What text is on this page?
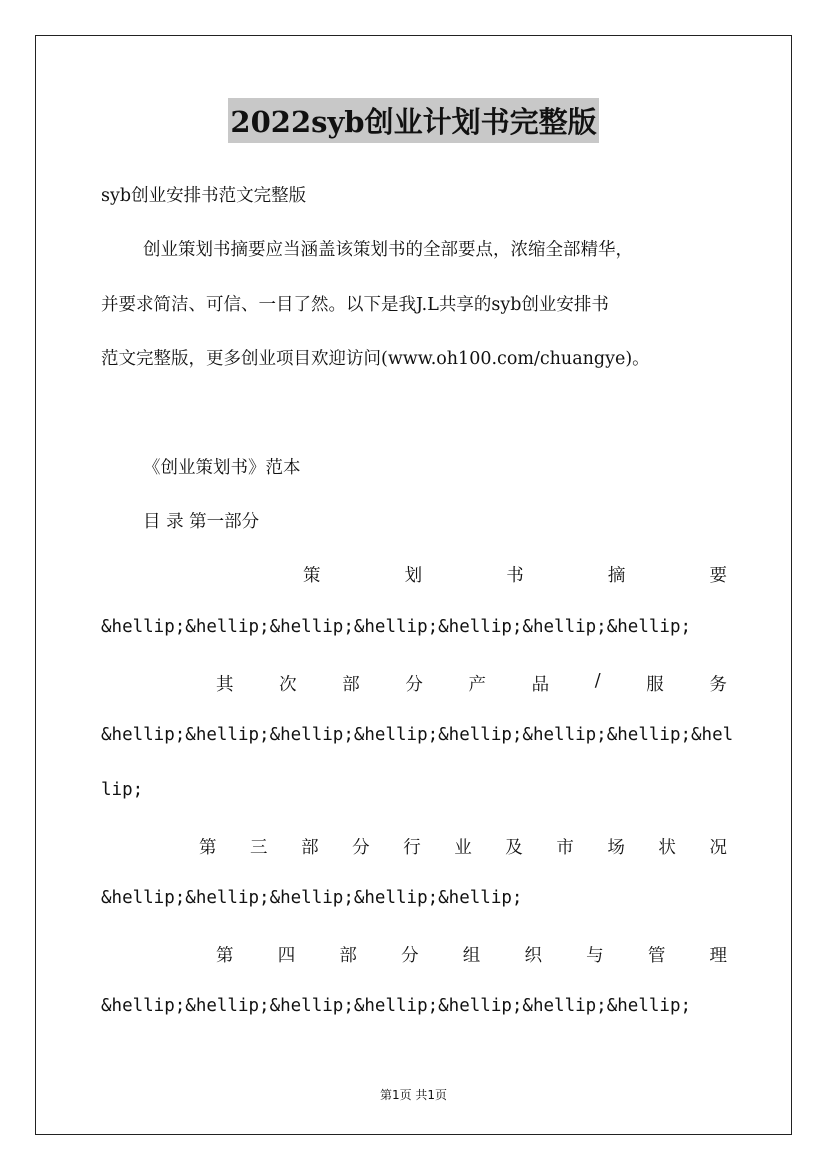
2022syb创业计划书完整版
syb创业安排书范文完整版
创业策划书摘要应当涵盖该策划书的全部要点，浓缩全部精华，
并要求简洁、可信、一目了然。以下是我J.L共享的syb创业安排书
范文完整版，更多创业项目欢迎访问(www.oh100.com/chuangye)。
《创业策划书》范本
目 录 第一部分
策	划	书	摘	要
&hellip;&hellip;&hellip;&hellip;&hellip;&hellip;&hellip;
其	次	部	分	产	品	/	服	务
&hellip;&hellip;&hellip;&hellip;&hellip;&hellip;&hellip;&hel
lip;
第 三 部 分 行 业 及 市 场 状 况
&hellip;&hellip;&hellip;&hellip;&hellip;
第	四	部	分	组	织	与	管	理
&hellip;&hellip;&hellip;&hellip;&hellip;&hellip;&hellip;
第1页 共1页
